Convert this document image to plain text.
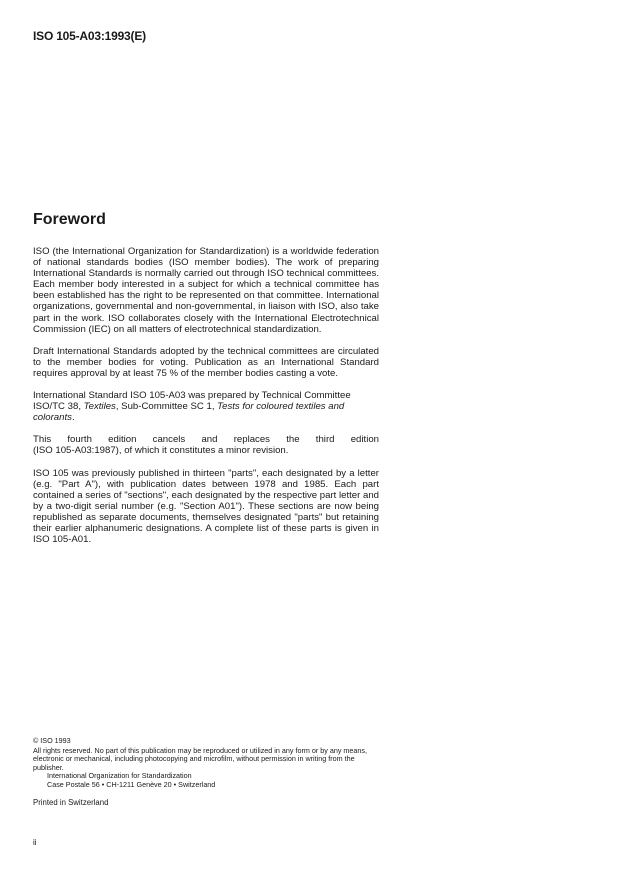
ISO 105-A03:1993(E)
Foreword

ISO (the International Organization for Standardization) is a worldwide federation of national standards bodies (ISO member bodies). The work of preparing International Standards is normally carried out through ISO technical committees. Each member body interested in a subject for which a technical committee has been established has the right to be represented on that committee. International organizations, governmental and non-governmental, in liaison with ISO, also take part in the work. ISO collaborates closely with the International Electrotechnical Commission (IEC) on all matters of electrotechnical standardization.

Draft International Standards adopted by the technical committees are circulated to the member bodies for voting. Publication as an International Standard requires approval by at least 75 % of the member bodies casting a vote.

International Standard ISO 105-A03 was prepared by Technical Committee ISO/TC 38, Textiles, Sub-Committee SC 1, Tests for coloured textiles and colorants.

This fourth edition cancels and replaces the third edition
(ISO 105-A03:1987), of which it constitutes a minor revision.

ISO 105 was previously published in thirteen "parts", each designated by a letter (e.g. "Part A"), with publication dates between 1978 and 1985. Each part contained a series of "sections", each designated by the respective part letter and by a two-digit serial number (e.g. "Section A01"). These sections are now being republished as separate documents, themselves designated "parts" but retaining their earlier alphanumeric designations. A complete list of these parts is given in ISO 105-A01.

© ISO 1993

All rights reserved. No part of this publication may be reproduced or utilized in any form or by any means, electronic or mechanical, including photocopying and microfilm, without permission in writing from the publisher.

International Organization for Standardization
Case Postale 56 • CH-1211 Genève 20 • Switzerland
Printed in Switzerland
ii
